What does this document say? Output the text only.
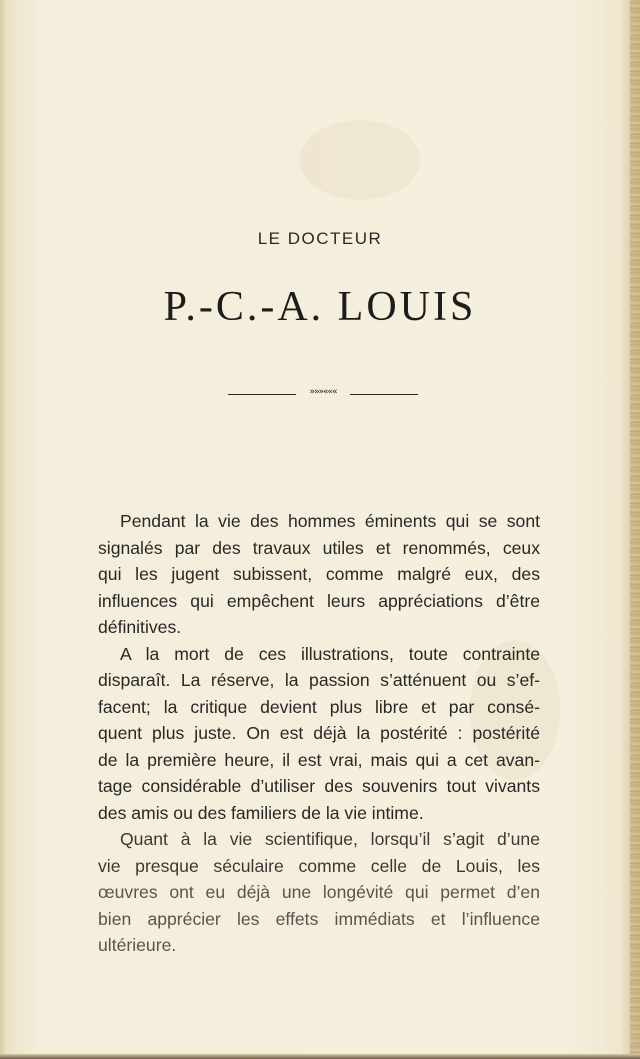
LE DOCTEUR
P.-C.-A. LOUIS
»»»«««
Pendant la vie des hommes éminents qui se sont
signalés par des travaux utiles et renommés, ceux
qui les jugent subissent, comme malgré eux, des
influences qui empêchent leurs appréciations d’être
définitives.
A la mort de ces illustrations, toute contrainte
disparaît. La réserve, la passion s’atténuent ou s’ef-
facent; la critique devient plus libre et par consé-
quent plus juste. On est déjà la postérité : postérité
de la première heure, il est vrai, mais qui a cet avan-
tage considérable d’utiliser des souvenirs tout vivants
des amis ou des familiers de la vie intime.
Quant à la vie scientifique, lorsqu’il s’agit d’une
vie presque séculaire comme celle de Louis, les
œuvres ont eu déjà une longévité qui permet d’en
bien apprécier les effets immédiats et l’influence
ultérieure.
